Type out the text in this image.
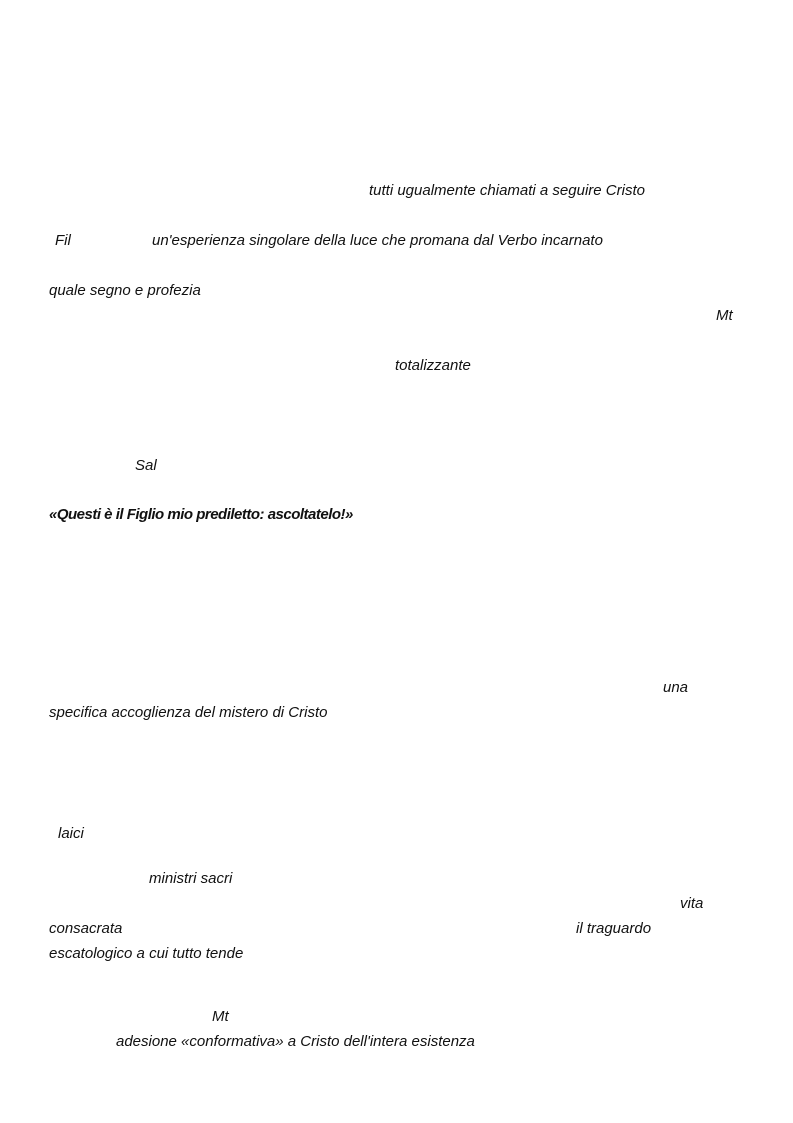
tutti ugualmente chiamati a seguire Cristo
Fil	un'esperienza singolare della luce che promana dal Verbo incarnato
quale segno e profezia
Mt
totalizzante
Sal
«Questi è il Figlio mio prediletto: ascoltatelo!»
una
specifica accoglienza del mistero di Cristo
laici
ministri sacri
vita
consacrata	il traguardo
escatologico a cui tutto tende
Mt
adesione «conformativa» a Cristo dell'intera esistenza
